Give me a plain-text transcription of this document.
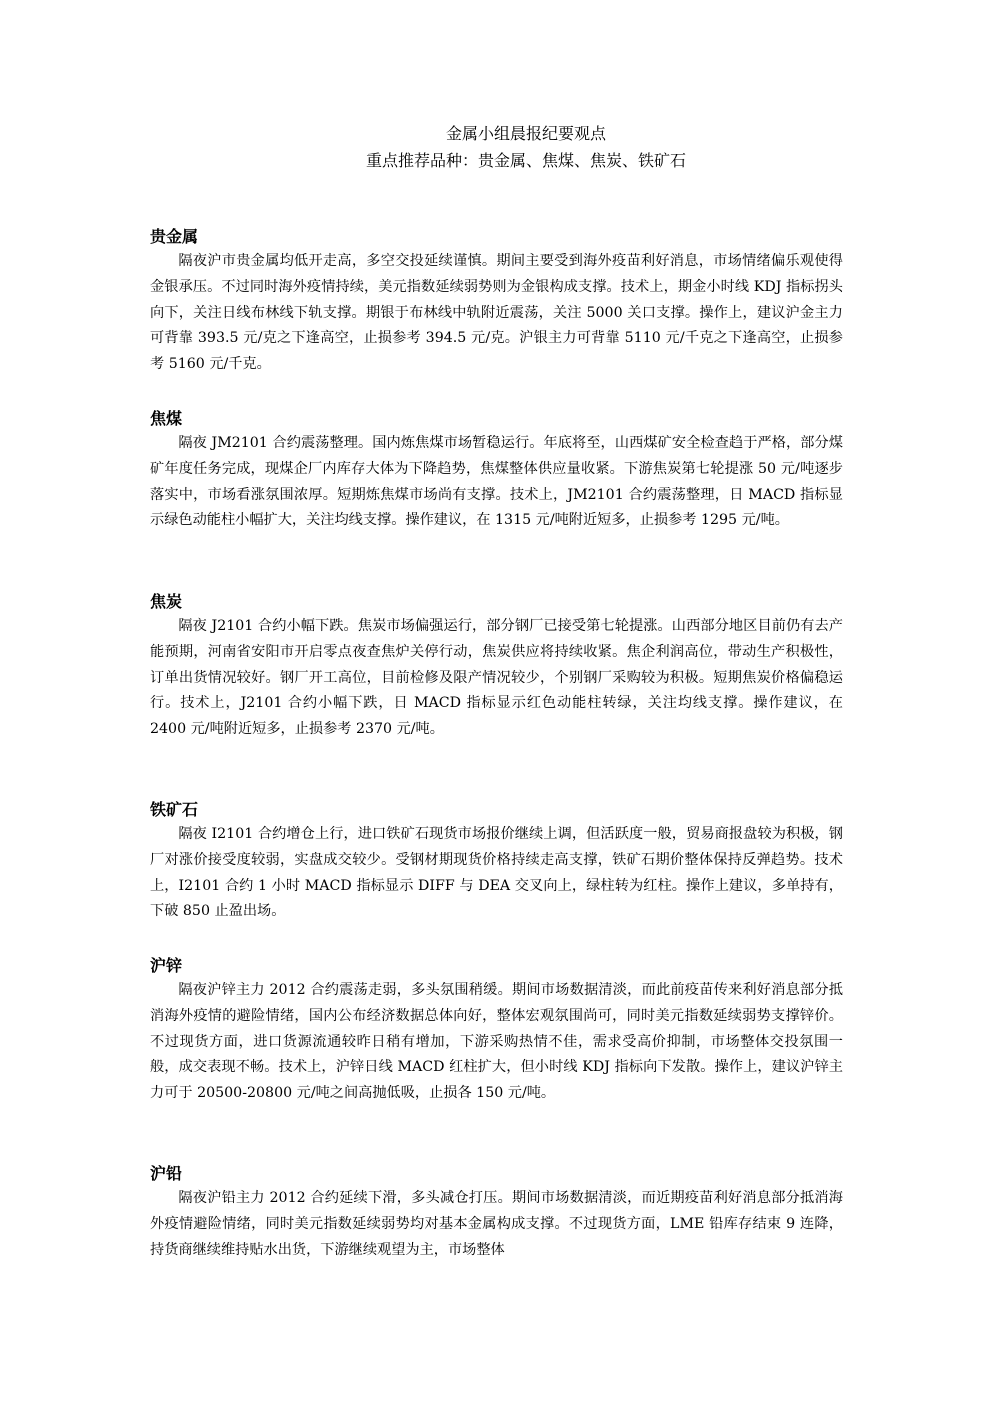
金属小组晨报纪要观点
重点推荐品种：贵金属、焦煤、焦炭、铁矿石
贵金属

隔夜沪市贵金属均低开走高，多空交投延续谨慎。期间主要受到海外疫苗利好消息，市场情绪偏乐观使得金银承压。不过同时海外疫情持续，美元指数延续弱势则为金银构成支撑。技术上，期金小时线 KDJ 指标拐头向下，关注日线布林线下轨支撑。期银于布林线中轨附近震荡，关注 5000 关口支撑。操作上，建议沪金主力可背靠 393.5 元/克之下逢高空，止损参考 394.5 元/克。沪银主力可背靠 5110 元/千克之下逢高空，止损参考 5160 元/千克。

焦煤

隔夜 JM2101 合约震荡整理。国内炼焦煤市场暂稳运行。年底将至，山西煤矿安全检查趋于严格，部分煤矿年度任务完成，现煤企厂内库存大体为下降趋势，焦煤整体供应量收紧。下游焦炭第七轮提涨 50 元/吨逐步落实中，市场看涨氛围浓厚。短期炼焦煤市场尚有支撑。技术上，JM2101 合约震荡整理，日 MACD 指标显示绿色动能柱小幅扩大，关注均线支撑。操作建议，在 1315 元/吨附近短多，止损参考 1295 元/吨。

焦炭

隔夜 J2101 合约小幅下跌。焦炭市场偏强运行，部分钢厂已接受第七轮提涨。山西部分地区目前仍有去产能预期，河南省安阳市开启零点夜查焦炉关停行动，焦炭供应将持续收紧。焦企利润高位，带动生产积极性，订单出货情况较好。钢厂开工高位，目前检修及限产情况较少，个别钢厂采购较为积极。短期焦炭价格偏稳运行。技术上，J2101 合约小幅下跌，日 MACD 指标显示红色动能柱转绿，关注均线支撑。操作建议，在 2400 元/吨附近短多，止损参考 2370 元/吨。

铁矿石

隔夜 I2101 合约增仓上行，进口铁矿石现货市场报价继续上调，但活跃度一般，贸易商报盘较为积极，钢厂对涨价接受度较弱，实盘成交较少。受钢材期现货价格持续走高支撑，铁矿石期价整体保持反弹趋势。技术上，I2101 合约 1 小时 MACD 指标显示 DIFF 与 DEA 交叉向上，绿柱转为红柱。操作上建议，多单持有，下破 850 止盈出场。

沪锌

隔夜沪锌主力 2012 合约震荡走弱，多头氛围稍缓。期间市场数据清淡，而此前疫苗传来利好消息部分抵消海外疫情的避险情绪，国内公布经济数据总体向好，整体宏观氛围尚可，同时美元指数延续弱势支撑锌价。不过现货方面，进口货源流通较昨日稍有增加，下游采购热情不佳，需求受高价抑制，市场整体交投氛围一般，成交表现不畅。技术上，沪锌日线 MACD 红柱扩大，但小时线 KDJ 指标向下发散。操作上，建议沪锌主力可于 20500-20800 元/吨之间高抛低吸，止损各 150 元/吨。

沪铅

隔夜沪铅主力 2012 合约延续下滑，多头减仓打压。期间市场数据清淡，而近期疫苗利好消息部分抵消海外疫情避险情绪，同时美元指数延续弱势均对基本金属构成支撑。不过现货方面，LME 铅库存结束 9 连降，持货商继续维持贴水出货，下游继续观望为主，市场整体
